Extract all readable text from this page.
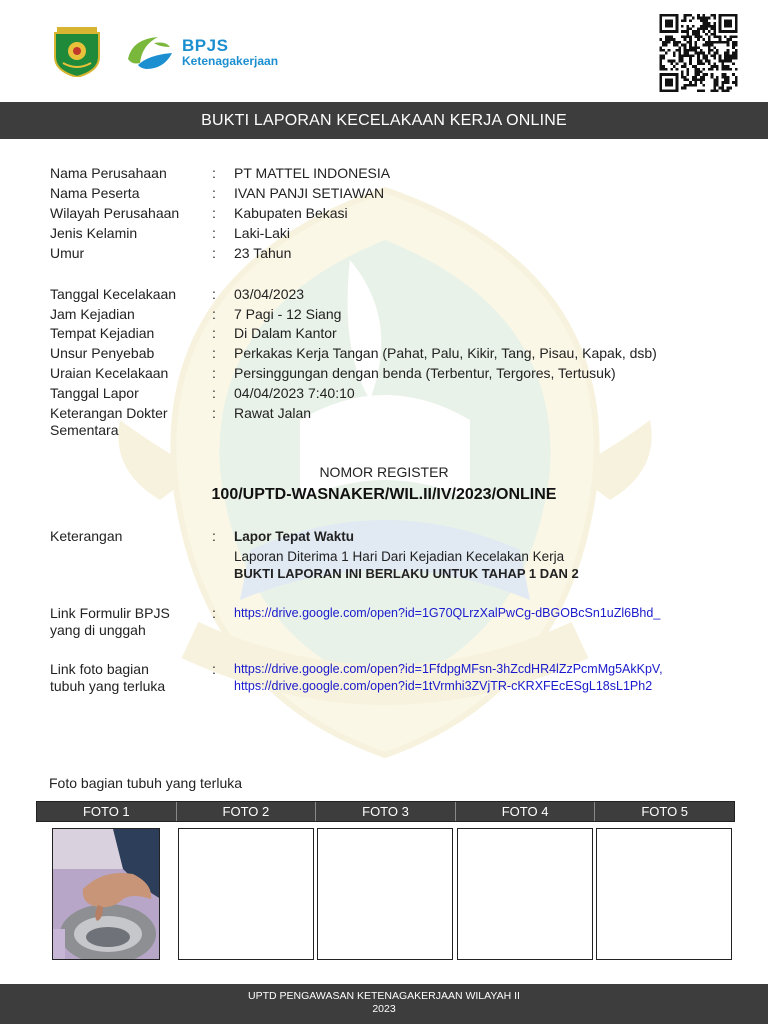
BPJS
Ketenagakerjaan
BUKTI LAPORAN KECELAKAAN KERJA ONLINE
Nama Perusahaan	: PT MATTEL INDONESIA
Nama Peserta	: IVAN PANJI SETIAWAN
Wilayah Perusahaan	: Kabupaten Bekasi
Jenis Kelamin	: Laki-Laki
Umur	: 23 Tahun
Tanggal Kecelakaan	: 03/04/2023
Jam Kejadian	: 7 Pagi - 12 Siang
Tempat Kejadian	: Di Dalam Kantor
Unsur Penyebab	: Perkakas Kerja Tangan (Pahat, Palu, Kikir, Tang, Pisau, Kapak, dsb)
Uraian Kecelakaan	: Persinggungan dengan benda (Terbentur, Tergores, Tertusuk)
Tanggal Lapor	: 04/04/2023 7:40:10
Keterangan Dokter
Sementara
: Rawat Jalan
NOMOR REGISTER
100/UPTD-WASNAKER/WIL.II/IV/2023/ONLINE
Keterangan	: Lapor Tepat Waktu
Laporan Diterima 1 Hari Dari Kejadian Kecelakan Kerja
BUKTI LAPORAN INI BERLAKU UNTUK TAHAP 1 DAN 2
Link Formulir BPJS
yang di unggah
: https://drive.google.com/open?id=1G70QLrzXalPwCg-dBGOBcSn1uZl6Bhd_
Link foto bagian
tubuh yang terluka
: https://drive.google.com/open?id=1FfdpgMFsn-3hZcdHR4lZzPcmMg5AkKpV,
https://drive.google.com/open?id=1tVrmhi3ZVjTR-cKRXFEcESgL18sL1Ph2
Foto bagian tubuh yang terluka
FOTO 1	FOTO 2	FOTO 3	FOTO 4	FOTO 5
UPTD PENGAWASAN KETENAGAKERJAAN WILAYAH II
2023
